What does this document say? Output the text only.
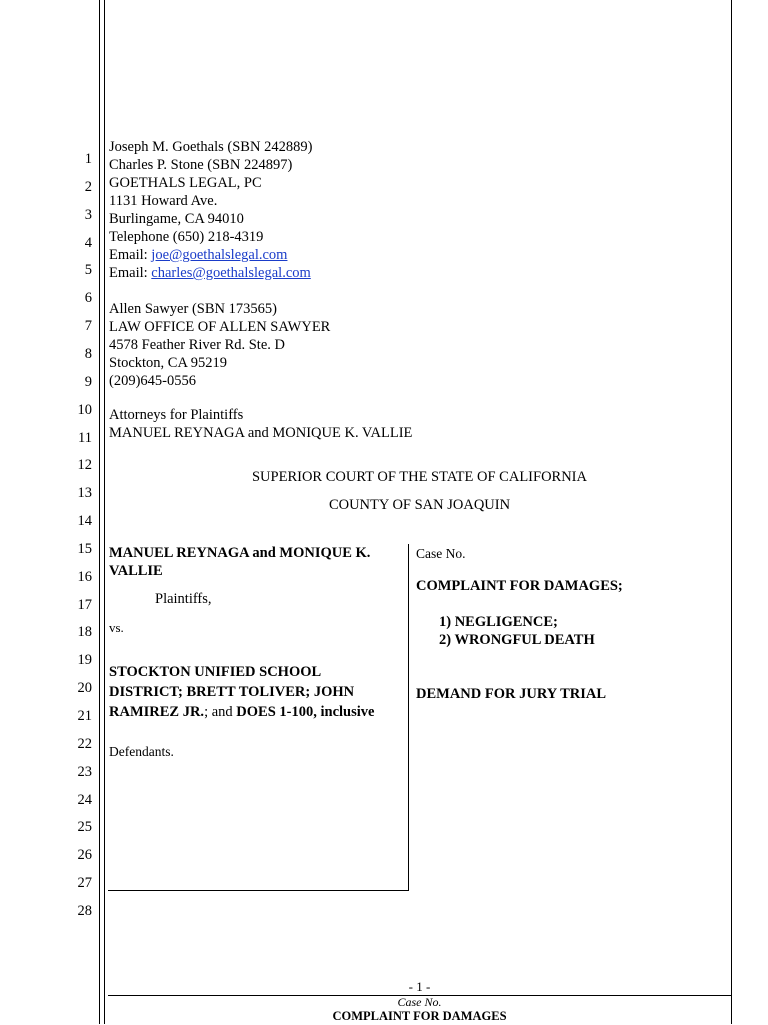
1
2
3
4
5
6
7
8
9
10
11
12
13
14
15
16
17
18
19
20
21
22
23
24
25
26
27
28
Joseph M. Goethals (SBN 242889)
Charles P. Stone (SBN 224897)
GOETHALS LEGAL, PC
1131 Howard Ave.
Burlingame, CA 94010
Telephone (650) 218-4319
Email: joe@goethalslegal.com
Email: charles@goethalslegal.com
Allen Sawyer (SBN 173565)
LAW OFFICE OF ALLEN SAWYER
4578 Feather River Rd. Ste. D
Stockton, CA 95219
(209)645-0556
Attorneys for Plaintiffs
MANUEL REYNAGA and MONIQUE K. VALLIE
SUPERIOR COURT OF THE STATE OF CALIFORNIA
COUNTY OF SAN JOAQUIN
MANUEL REYNAGA and MONIQUE K.
VALLIE
Plaintiffs,
vs.
STOCKTON UNIFIED SCHOOL
DISTRICT; BRETT TOLIVER; JOHN
RAMIREZ JR.; and DOES 1-100, inclusive
Defendants.
Case No.
COMPLAINT FOR DAMAGES;
1) NEGLIGENCE;
2) WRONGFUL DEATH
DEMAND FOR JURY TRIAL
- 1 -
Case No.
COMPLAINT FOR DAMAGES
